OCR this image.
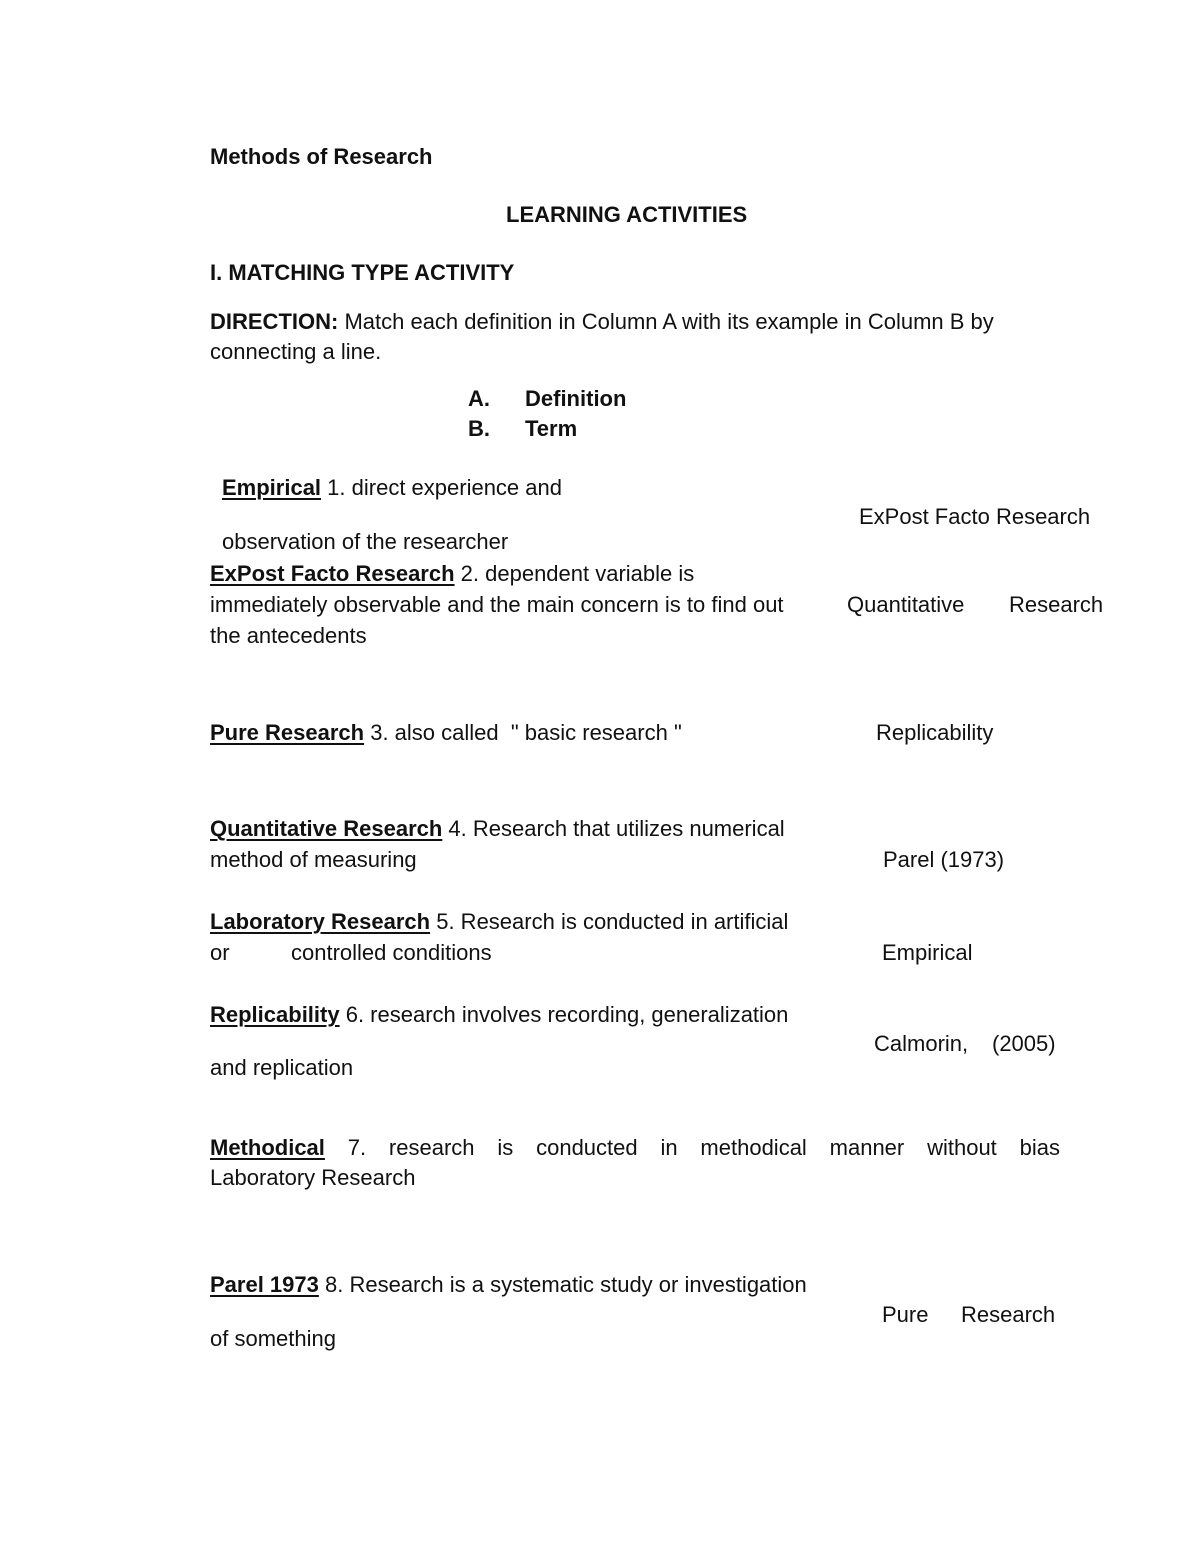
Methods of Research
LEARNING ACTIVITIES
I. MATCHING TYPE ACTIVITY
DIRECTION: Match each definition in Column A with its example in Column B by
connecting a line.
A. Definition
B. Term
Empirical 1. direct experience and
observation of the researcher
ExPost Facto Research 2. dependent variable is
immediately observable and the main concern is to find out
the antecedents
Pure Research 3. also called  " basic research "
Quantitative Research 4. Research that utilizes numerical
method of measuring
Laboratory Research 5. Research is conducted in artificial
or	controlled conditions
Replicability 6. research involves recording, generalization
and replication
Methodical 7. research is conducted in methodical manner without bias
Laboratory Research
Parel 1973 8. Research is a systematic study or investigation
of something
ExPost Facto Research
Quantitative Research
Replicability
Parel (1973)
Empirical
Calmorin, (2005)
Pure Research
